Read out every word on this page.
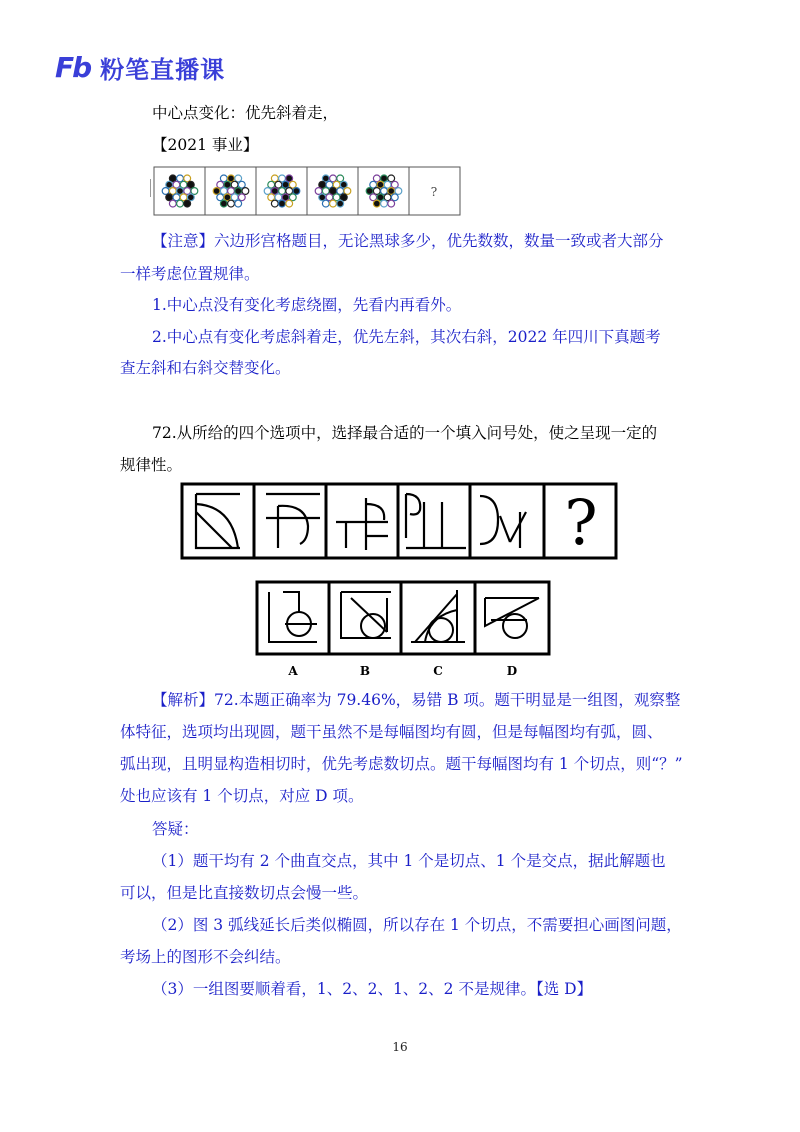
Fb 粉笔直播课
中心点变化：优先斜着走，
【2021 事业】
?
【注意】六边形宫格题目，无论黑球多少，优先数数，数量一致或者大部分
一样考虑位置规律。
1.中心点没有变化考虑绕圈，先看内再看外。
2.中心点有变化考虑斜着走，优先左斜，其次右斜，2022 年四川下真题考
查左斜和右斜交替变化。
72.从所给的四个选项中，选择最合适的一个填入问号处，使之呈现一定的
规律性。
?
A	B	C	D
【解析】72.本题正确率为 79.46%，易错 B 项。题干明显是一组图，观察整
体特征，选项均出现圆，题干虽然不是每幅图均有圆，但是每幅图均有弧，圆、
弧出现，且明显构造相切时，优先考虑数切点。题干每幅图均有 1 个切点，则“？”
处也应该有 1 个切点，对应 D 项。
答疑：
（1）题干均有 2 个曲直交点，其中 1 个是切点、1 个是交点，据此解题也
可以，但是比直接数切点会慢一些。
（2）图 3 弧线延长后类似椭圆，所以存在 1 个切点，不需要担心画图问题，
考场上的图形不会纠结。
（3）一组图要顺着看，1、2、2、1、2、2 不是规律。【选 D】
16
